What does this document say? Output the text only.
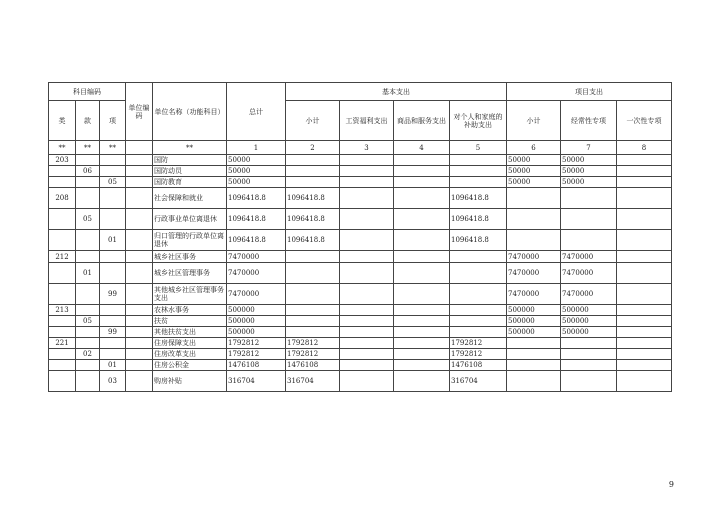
科目编码			单位编码	单位名称（功能科目）	总计	基本支出				项目支出		
类	款	项				小计	工资福利支出	商品和服务支出	对个人和家庭的补助支出	小计	经常性专项	一次性专项
**	**	**		**	1	2	3	4	5	6	7	8
203				国防	50000					50000	50000	
	06			国防动员	50000					50000	50000	
		05		国防教育	50000					50000	50000	
208				社会保障和就业	1096418.8	1096418.8			1096418.8			
	05			行政事业单位离退休	1096418.8	1096418.8			1096418.8			
		01		归口管理的行政单位离退休	1096418.8	1096418.8			1096418.8			
212				城乡社区事务	7470000					7470000	7470000	
	01			城乡社区管理事务	7470000					7470000	7470000	
		99		其他城乡社区管理事务支出	7470000					7470000	7470000	
213				农林水事务	500000					500000	500000	
	05			扶贫	500000					500000	500000	
		99		其他扶贫支出	500000					500000	500000	
221				住房保障支出	1792812	1792812			1792812			
	02			住房改革支出	1792812	1792812			1792812			
		01		住房公积金	1476108	1476108			1476108			
		03		购房补贴	316704	316704			316704			
9
